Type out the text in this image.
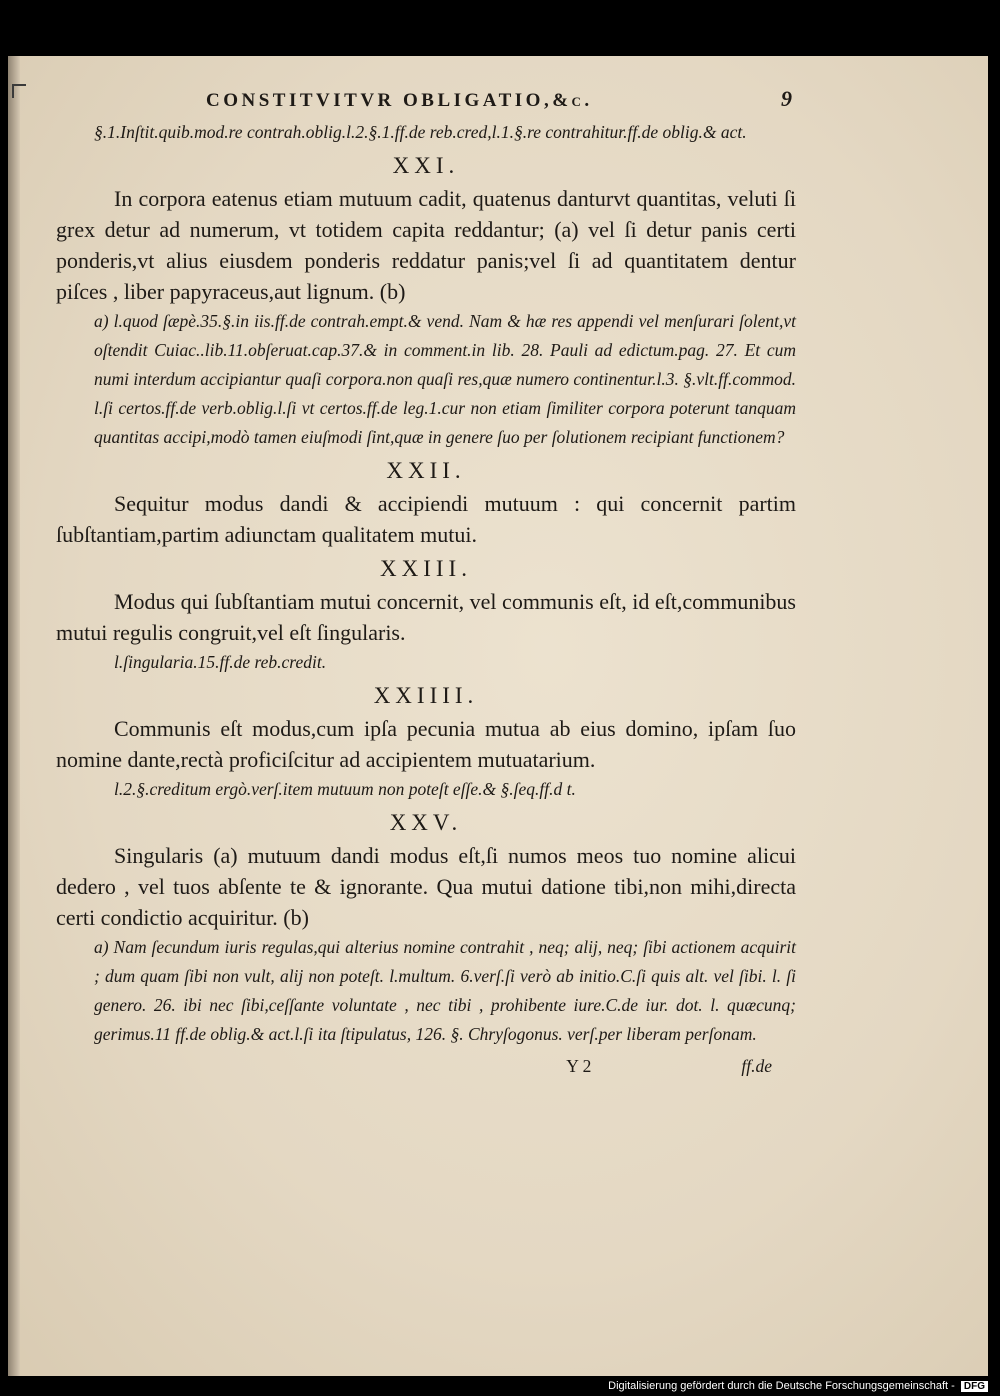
CONSTITVITVR OBLIGATIO,&c.	9

§.1.Inſtit.quib.mod.re contrah.oblig.l.2.§.1.ff.de reb.cred,l.1.§.re contrahitur.ff.de oblig.& act.

XXI.

In corpora eatenus etiam mutuum cadit, quatenus danturvt quantitas, veluti ſi grex detur ad numerum, vt totidem capita reddantur; (a) vel ſi detur panis certi ponderis,vt alius eiusdem ponderis reddatur panis;vel ſi ad quantitatem dentur piſces , liber papyraceus,aut lignum. (b)

a) l.quod ſæpè.35.§.in iis.ff.de contrah.empt.& vend. Nam & hæ res appendi vel menſurari ſolent,vt oſtendit Cuiac..lib.11.obſeruat.cap.37.& in comment.in lib. 28. Pauli ad edictum.pag. 27. Et cum numi interdum accipiantur quaſi corpora.non quaſi res,quæ numero continentur.l.3. §.vlt.ff.commod. l.ſi certos.ff.de verb.oblig.l.ſi vt certos.ff.de leg.1.cur non etiam ſimiliter corpora poterunt tanquam quantitas accipi,modò tamen eiuſmodi ſint,quæ in genere ſuo per ſolutionem recipiant functionem?

XXII.

Sequitur modus dandi & accipiendi mutuum : qui concernit partim ſubſtantiam,partim adiunctam qualitatem mutui.

XXIII.

Modus qui ſubſtantiam mutui concernit, vel communis eſt, id eſt,communibus mutui regulis congruit,vel eſt ſingularis.

l.ſingularia.15.ff.de reb.credit.

XXIIII.

Communis eſt modus,cum ipſa pecunia mutua ab eius domino, ipſam ſuo nomine dante,rectà proficiſcitur ad accipientem mutuatarium.

l.2.§.creditum ergò.verſ.item mutuum non poteſt eſſe.& §.ſeq.ff.d t.

XXV.

Singularis (a) mutuum dandi modus eſt,ſi numos meos tuo nomine alicui dedero , vel tuos abſente te & ignorante. Qua mutui datione tibi,non mihi,directa certi condictio acquiritur. (b)

a) Nam ſecundum iuris regulas,qui alterius nomine contrahit , neq; alij, neq; ſibi actionem acquirit ; dum quam ſibi non vult, alij non poteſt. l.multum. 6.verſ.ſi verò ab initio.C.ſi quis alt. vel ſibi. l. ſi genero. 26. ibi nec ſibi,ceſſante voluntate , nec tibi , prohibente iure.C.de iur. dot. l. quæcunq; gerimus.11 ff.de oblig.& act.l.ſi ita ſtipulatus, 126. §. Chryſogonus. verſ.per liberam perſonam.

Y 2	ff.de
Digitalisierung gefördert durch die Deutsche Forschungsgemeinschaft - DFG
